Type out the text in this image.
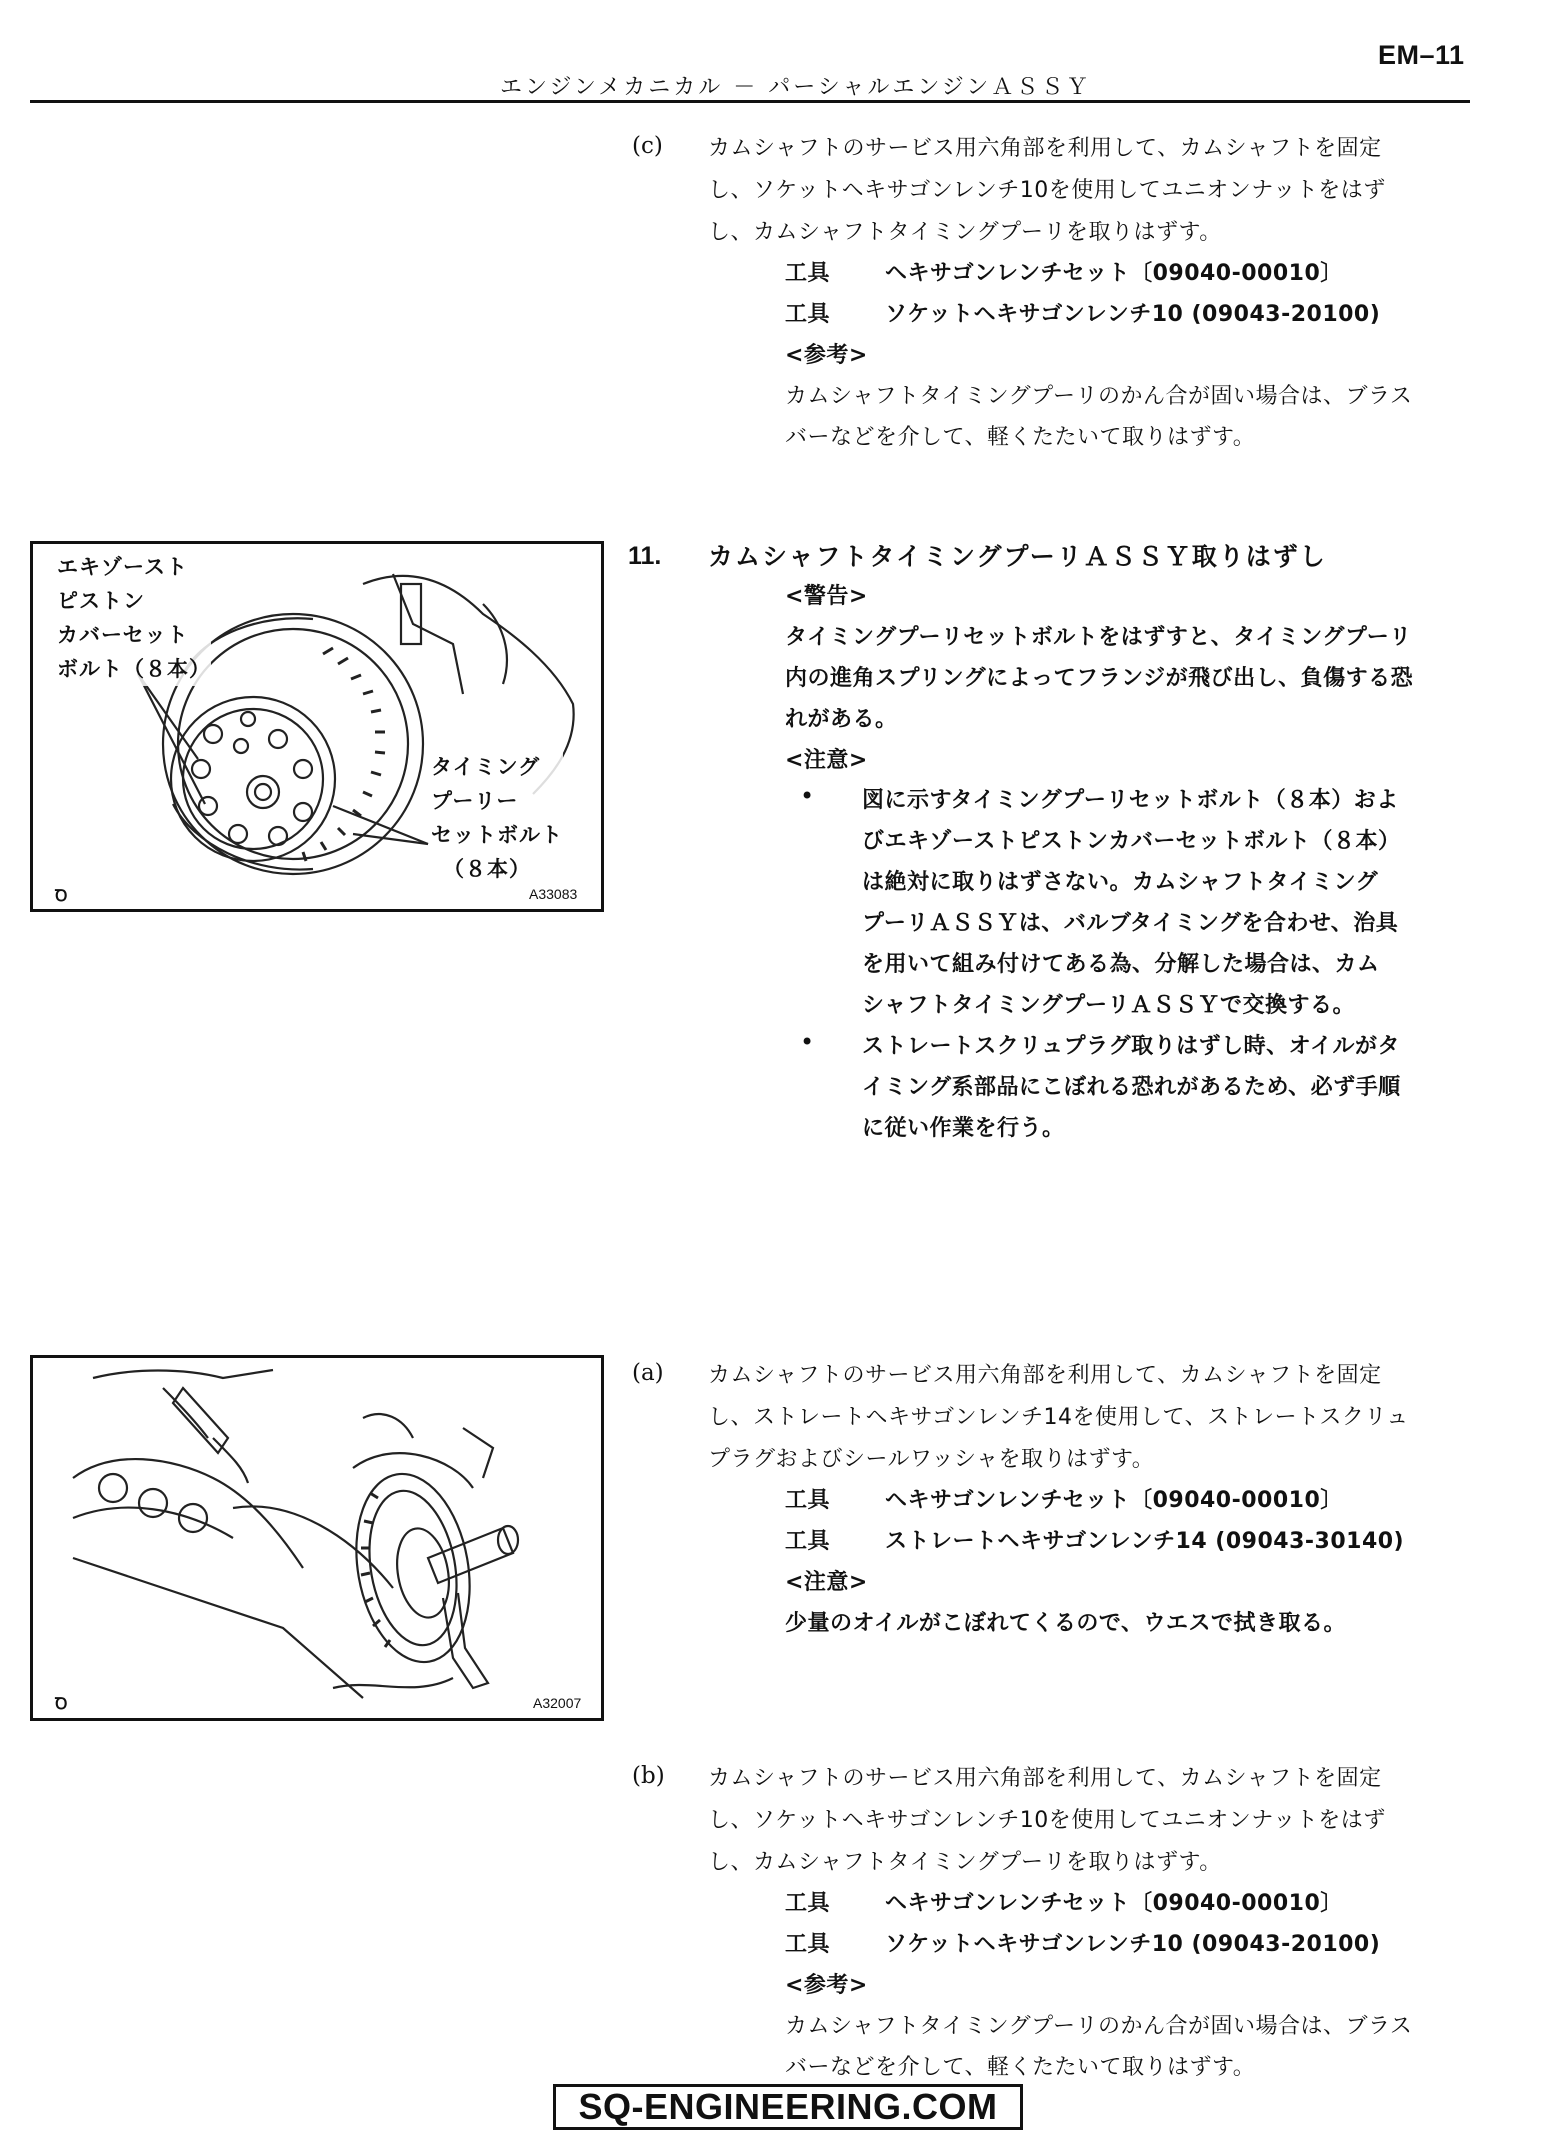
EM–11
エンジンメカニカル － パーシャルエンジンＡＳＳＹ
(c) カムシャフトのサービス用六角部を利用して、カムシャフトを固定
し、ソケットヘキサゴンレンチ10を使用してユニオンナットをはず
し、カムシャフトタイミングプーリを取りはずす。
工具 ヘキサゴンレンチセット〔09040-00010〕
工具 ソケットヘキサゴンレンチ10 (09043-20100)
<参考>
カムシャフトタイミングプーリのかん合が固い場合は、ブラス
バーなどを介して、軽くたたいて取りはずす。
エキゾースト
ピストン
カバーセット
ボルト（８本）
タイミング
プーリー
セットボルト
（８本）
Ꝺ	A33083
11. カムシャフトタイミングプーリＡＳＳＹ取りはずし
<警告>
タイミングプーリセットボルトをはずすと、タイミングプーリ
内の進角スプリングによってフランジが飛び出し、負傷する恐
れがある。
<注意>
• 図に示すタイミングプーリセットボルト（８本）およ
びエキゾーストピストンカバーセットボルト（８本）
は絶対に取りはずさない。カムシャフトタイミング
プーリＡＳＳＹは、バルブタイミングを合わせ、治具
を用いて組み付けてある為、分解した場合は、カム
シャフトタイミングプーリＡＳＳＹで交換する。
• ストレートスクリュプラグ取りはずし時、オイルがタ
イミング系部品にこぼれる恐れがあるため、必ず手順
に従い作業を行う。
Ꝺ	A32007
(a) カムシャフトのサービス用六角部を利用して、カムシャフトを固定
し、ストレートヘキサゴンレンチ14を使用して、ストレートスクリュ
プラグおよびシールワッシャを取りはずす。
工具 ヘキサゴンレンチセット〔09040-00010〕
工具 ストレートヘキサゴンレンチ14 (09043-30140)
<注意>
少量のオイルがこぼれてくるので、ウエスで拭き取る。
(b) カムシャフトのサービス用六角部を利用して、カムシャフトを固定
し、ソケットヘキサゴンレンチ10を使用してユニオンナットをはず
し、カムシャフトタイミングプーリを取りはずす。
工具 ヘキサゴンレンチセット〔09040-00010〕
工具 ソケットヘキサゴンレンチ10 (09043-20100)
<参考>
カムシャフトタイミングプーリのかん合が固い場合は、ブラス
バーなどを介して、軽くたたいて取りはずす。
SQ-ENGINEERING.COM
